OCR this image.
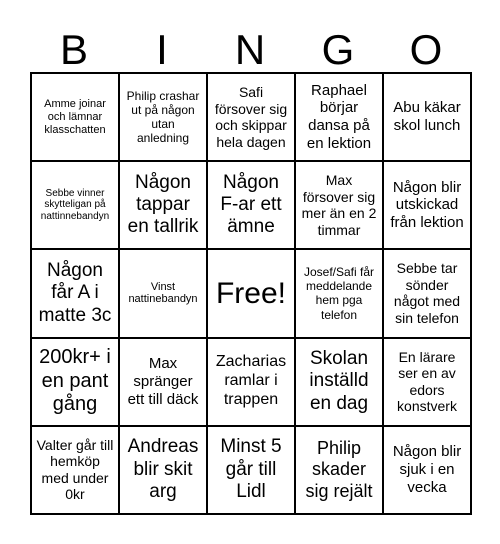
B	I	N	G	O
Amme joinar och lämnar klasschatten
Philip crashar ut på någon utan anledning
Safi försover sig och skippar hela dagen
Raphael börjar dansa på en lektion
Abu käkar skol lunch
Sebbe vinner skytteligan på nattinnebandyn
Någon tappar en tallrik
Någon F-ar ett ämne
Max försover sig mer än en 2 timmar
Någon blir utskickad från lektion
Någon får A i matte 3c
Vinst nattinebandyn Free!
Josef/Safi får meddelande hem pga telefon
Sebbe tar sönder något med sin telefon
200kr+ i en pant gång
Max spränger ett till däck
Zacharias ramlar i trappen
Skolan inställd en dag
En lärare ser en av edors konstverk
Valter går till hemköp med under 0kr
Andreas blir skit arg
Minst 5 går till Lidl
Philip skader sig rejält
Någon blir sjuk i en vecka
